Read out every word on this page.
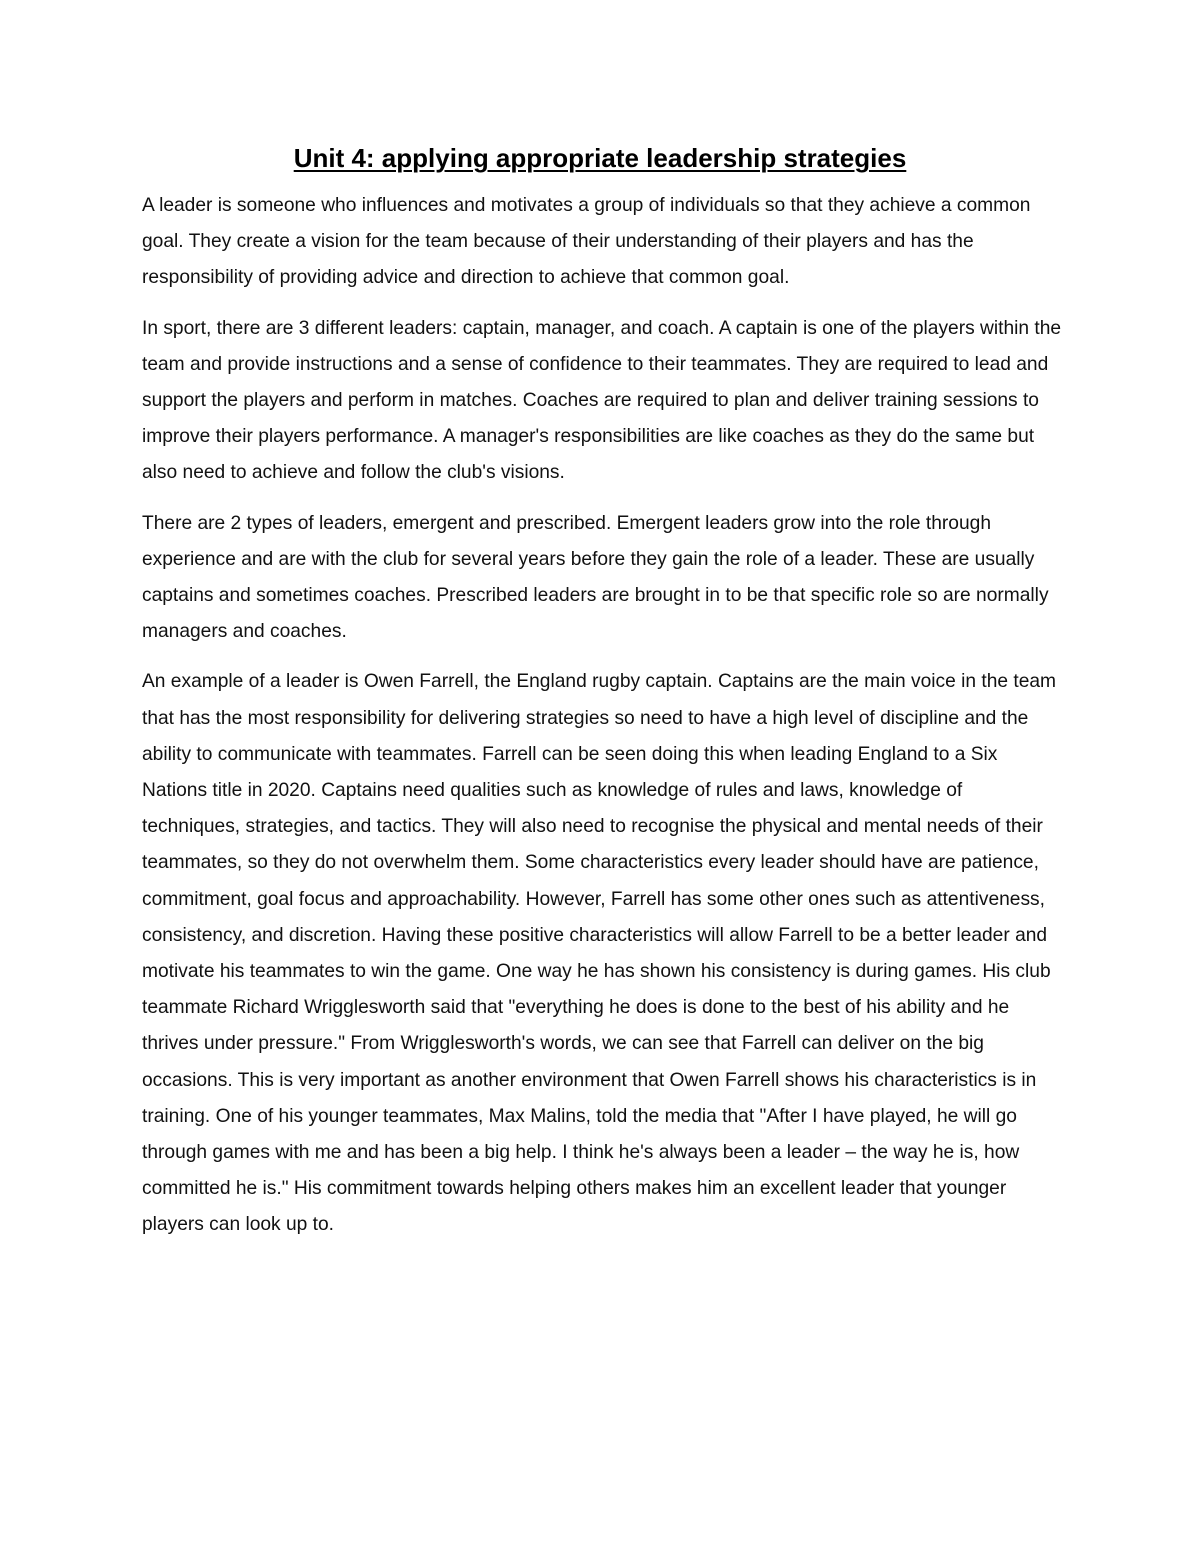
Unit 4: applying appropriate leadership strategies

A leader is someone who influences and motivates a group of individuals so that they achieve a common goal. They create a vision for the team because of their understanding of their players and has the responsibility of providing advice and direction to achieve that common goal.

In sport, there are 3 different leaders: captain, manager, and coach. A captain is one of the players within the team and provide instructions and a sense of confidence to their teammates. They are required to lead and support the players and perform in matches. Coaches are required to plan and deliver training sessions to improve their players performance. A manager's responsibilities are like coaches as they do the same but also need to achieve and follow the club's visions.

There are 2 types of leaders, emergent and prescribed. Emergent leaders grow into the role through experience and are with the club for several years before they gain the role of a leader. These are usually captains and sometimes coaches. Prescribed leaders are brought in to be that specific role so are normally managers and coaches.

An example of a leader is Owen Farrell, the England rugby captain. Captains are the main voice in the team that has the most responsibility for delivering strategies so need to have a high level of discipline and the ability to communicate with teammates. Farrell can be seen doing this when leading England to a Six Nations title in 2020. Captains need qualities such as knowledge of rules and laws, knowledge of techniques, strategies, and tactics. They will also need to recognise the physical and mental needs of their teammates, so they do not overwhelm them. Some characteristics every leader should have are patience, commitment, goal focus and approachability. However, Farrell has some other ones such as attentiveness, consistency, and discretion. Having these positive characteristics will allow Farrell to be a better leader and motivate his teammates to win the game. One way he has shown his consistency is during games. His club teammate Richard Wrigglesworth said that "everything he does is done to the best of his ability and he thrives under pressure." From Wrigglesworth's words, we can see that Farrell can deliver on the big occasions. This is very important as another environment that Owen Farrell shows his characteristics is in training. One of his younger teammates, Max Malins, told the media that "After I have played, he will go through games with me and has been a big help. I think he's always been a leader – the way he is, how committed he is." His commitment towards helping others makes him an excellent leader that younger players can look up to.
